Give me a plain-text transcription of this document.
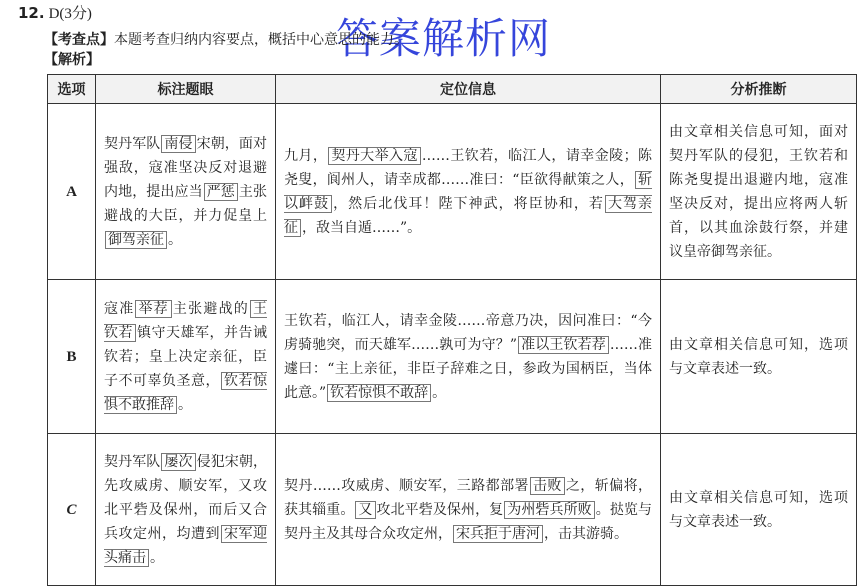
12. D(3分)	答案解析网
【考查点】本题考查归纳内容要点，概括中心意思的能力。
【解析】
选项	标注题眼	定位信息	分析推断
A	契丹军队 南侵 宋朝，面对强敌，寇准坚决反对退避内地，提出应当 严惩 主张避战的大臣，并力促皇上御驾亲征 。	九月， 契丹大举入寇 ……王钦若，临江人，请幸金陵；陈尧叟，阆州人，请幸成都……准曰：“臣欲得献策之人， 斩以衅鼓 ，然后北伐耳！陛下神武，将臣协和，若 大驾亲征 ，敌当自遁……”。	由文章相关信息可知，面对契丹军队的侵犯，王钦若和陈尧叟提出退避内地，寇准坚决反对，提出应将两人斩首，以其血涂鼓行祭，并建议皇帝御驾亲征。
B	寇准 举荐 主张避战的 王钦若 镇守天雄军，并告诫钦若；皇上决定亲征，臣子不可辜负圣意， 钦若惊惧不敢推辞 。	王钦若，临江人，请幸金陵……帝意乃决，因问准曰：“今虏骑驰突，而天雄军……孰可为守？” 准以王钦若荐 ……准遽曰：“主上亲征，非臣子辞难之日，参政为国柄臣，当体此意。” 钦若惊惧不敢辞 。	由文章相关信息可知，选项与文章表述一致。
C	契丹军队 屡次 侵犯宋朝，先攻威虏、顺安军，又攻北平砦及保州，而后又合兵攻定州，均遭到 宋军迎头痛击 。	契丹……攻威虏、顺安军，三路都部署 击败 之，斩偏将，获其辎重。 又 攻北平砦及保州，复 为州砦兵所败 。挞览与契丹主及其母合众攻定州， 宋兵拒于唐河 ，击其游骑。	由文章相关信息可知，选项与文章表述一致。
